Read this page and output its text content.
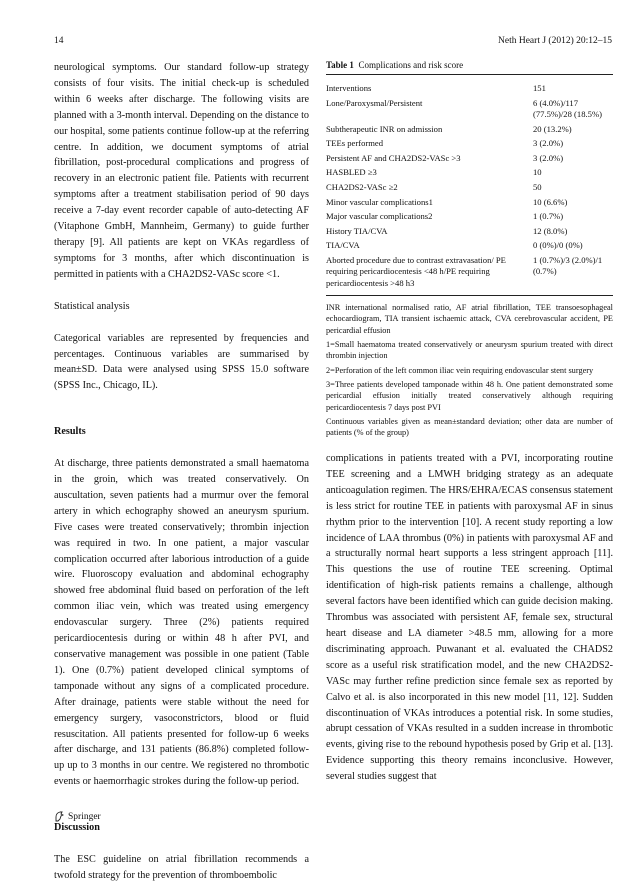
14	Neth Heart J (2012) 20:12–15

neurological symptoms. Our standard follow-up strategy consists of four visits. The initial check-up is scheduled within 6 weeks after discharge. The following visits are planned with a 3-month interval. Depending on the distance to our hospital, some patients continue follow-up at the referring centre. In addition, we document symptoms of atrial fibrillation, post-procedural complications and progress of recovery in an electronic patient file. Patients with recurrent symptoms after a treatment stabilisation period of 90 days receive a 7-day event recorder capable of auto-detecting AF (Vitaphone GmbH, Mannheim, Germany) to guide further therapy [9]. All patients are kept on VKAs regardless of symptoms for 3 months, after which discontinuation is permitted in patients with a CHA2DS2-VASc score <1.

Statistical analysis

Categorical variables are represented by frequencies and percentages. Continuous variables are summarised by mean±SD. Data were analysed using SPSS 15.0 software (SPSS Inc., Chicago, IL).

Results

At discharge, three patients demonstrated a small haematoma in the groin, which was treated conservatively. On auscultation, seven patients had a murmur over the femoral artery in which echography showed an aneurysm spurium. Five cases were treated conservatively; thrombin injection was required in two. In one patient, a major vascular complication occurred after laborious introduction of a guide wire. Fluoroscopy evaluation and abdominal echography showed free abdominal fluid based on perforation of the left common iliac vein, which was treated using emergency endovascular surgery. Three (2%) patients required pericardiocentesis during or within 48 h after PVI, and conservative management was possible in one patient (Table 1). One (0.7%) patient developed clinical symptoms of tamponade without any signs of a complicated procedure. After drainage, patients were stable without the need for emergency surgery, vasoconstrictors, blood or fluid resuscitation. All patients presented for follow-up 6 weeks after discharge, and 131 patients (86.8%) completed follow-up up to 3 months in our centre. We registered no thrombotic events or haemorrhagic strokes during the follow-up period.

Discussion

The ESC guideline on atrial fibrillation recommends a twofold strategy for the prevention of thromboembolic

Table 1 Complications and risk score

Interventions	151
Lone/Paroxysmal/Persistent	6 (4.0%)/117 (77.5%)/28 (18.5%)
Subtherapeutic INR on admission	20 (13.2%)
TEEs performed	3 (2.0%)
Persistent AF and CHA2DS2-VASc >3	3 (2.0%)
HASBLED ≥3	10
CHA2DS2-VASc ≥2	50
Minor vascular complications1	10 (6.6%)
Major vascular complications2	1 (0.7%)
History TIA/CVA	12 (8.0%)
TIA/CVA	0 (0%)/0 (0%)
Aborted procedure due to contrast extravasation/ PE requiring pericardiocentesis <48 h/PE requiring pericardiocentesis >48 h3	1 (0.7%)/3 (2.0%)/1 (0.7%)

INR international normalised ratio, AF atrial fibrillation, TEE transoesophageal echocardiogram, TIA transient ischaemic attack, CVA cerebrovascular accident, PE pericardial effusion

1=Small haematoma treated conservatively or aneurysm spurium treated with direct thrombin injection

2=Perforation of the left common iliac vein requiring endovascular stent surgery

3=Three patients developed tamponade within 48 h. One patient demonstrated some pericardial effusion initially treated conservatively although requiring pericardiocentesis 7 days post PVI

Continuous variables given as mean±standard deviation; other data are number of patients (% of the group)

complications in patients treated with a PVI, incorporating routine TEE screening and a LMWH bridging strategy as an adequate anticoagulation regimen. The HRS/EHRA/ECAS consensus statement is less strict for routine TEE in patients with paroxysmal AF in sinus rhythm prior to the intervention [10]. A recent study reporting a low incidence of LAA thrombus (0%) in patients with paroxysmal AF and a structurally normal heart supports a less stringent approach [11]. This questions the use of routine TEE screening. Optimal identification of high-risk patients remains a challenge, although several factors have been identified which can guide decision making. Thrombus was associated with persistent AF, female sex, structural heart disease and LA diameter >48.5 mm, allowing for a more discriminating approach. Puwanant et al. evaluated the CHADS2 score as a useful risk stratification model, and the new CHA2DS2-VASc may further refine prediction since female sex as reported by Calvo et al. is also incorporated in this new model [11, 12]. Sudden discontinuation of VKAs introduces a potential risk. In some studies, abrupt cessation of VKAs resulted in a sudden increase in thrombotic events, giving rise to the rebound hypothesis posed by Grip et al. [13]. Evidence supporting this theory remains inconclusive. However, several studies suggest that

Springer
